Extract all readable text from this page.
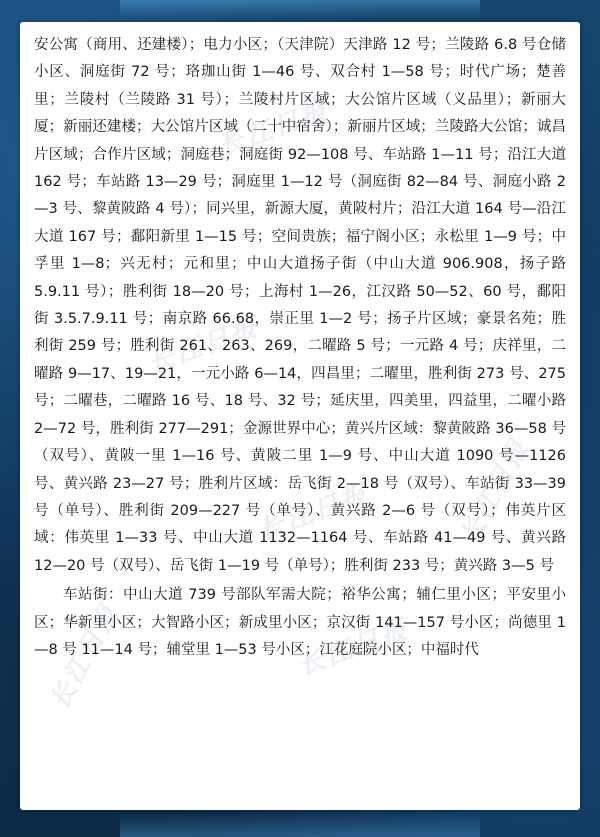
长江日报
长江日报
长江日报
长江日报
长江日报	长江日报

安公寓（商用、还建楼）；电力小区；（天津院）天津路 12 号；兰陵路 6.8 号仓储小区、洞庭街 72 号；珞珈山街 1—46 号、双合村 1—58 号；时代广场；楚善里；兰陵村（兰陵路 31 号）；兰陵村片区域；大公馆片区域（义品里）；新丽大厦；新丽还建楼；大公馆片区域（二十中宿舍）；新丽片区域；兰陵路大公馆；诚昌片区域；合作片区域；洞庭巷；洞庭街 92—108 号、车站路 1—11 号；沿江大道 162 号；车站路 13—29 号；洞庭里 1—12 号（洞庭街 82—84 号、洞庭小路 2—3 号、黎黄陂路 4 号）；同兴里，新源大厦，黄陂村片；沿江大道 164 号—沿江大道 167 号；鄱阳新里 1—15 号；空间贵族；福宁阁小区；永松里 1—9 号；中孚里 1—8；兴无村；元和里；中山大道扬子街（中山大道 906.908，扬子路 5.9.11 号）；胜利街 18—20 号；上海村 1—26，江汉路 50—52、60 号，鄱阳街 3.5.7.9.11 号；南京路 66.68，崇正里 1—2 号；扬子片区域；豪景名苑；胜利街 259 号；胜利街 261、263、269，二曜路 5 号；一元路 4 号；庆祥里，二曜路 9—17、19—21，一元小路 6—14，四昌里；二曜里，胜利街 273 号、275 号；二曜巷，二曜路 16 号、18 号、32 号；延庆里，四美里，四益里，二曜小路 2—72 号，胜利街 277—291；金源世界中心；黄兴片区域：黎黄陂路 36—58 号（双号）、黄陂一里 1—16 号、黄陂二里 1—9 号、中山大道 1090 号—1126 号、黄兴路 23—27 号；胜利片区域：岳飞街 2—18 号（双号）、车站街 33—39 号（单号）、胜利街 209—227 号（单号）、黄兴路 2—6 号（双号）；伟英片区域：伟英里 1—33 号、中山大道 1132—1164 号、车站路 41—49 号、黄兴路 12—20 号（双号）、岳飞街 1—19 号（单号）；胜利街 233 号；黄兴路 3—5 号

车站街：中山大道 739 号部队军需大院；裕华公寓；辅仁里小区；平安里小区；华新里小区；大智路小区；新成里小区；京汉街 141—157 号小区；尚德里 1—8 号 11—14 号；辅堂里 1—53 号小区；江花庭院小区；中福时代
